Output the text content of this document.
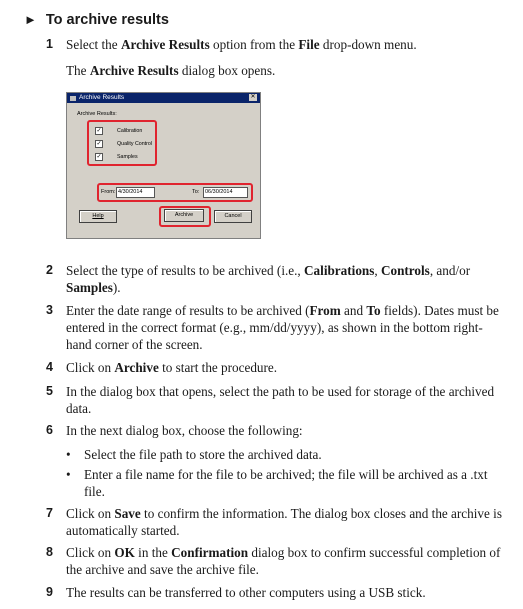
► To archive results
1 Select the Archive Results option from the File drop-down menu.
The Archive Results dialog box opens.
Archive Results	✕
Archive Results:
✓	Calibration
✓	Quality Control
✓	Samples
From: 4/30/2014	To:	06/30/2014
Help	Archive	Cancel
2 Select the type of results to be archived (i.e., Calibrations, Controls, and/or
Samples).
3 Enter the date range of results to be archived (From and To fields). Dates must be
entered in the correct format (e.g., mm/dd/yyyy), as shown in the bottom right-
hand corner of the screen.
4 Click on Archive to start the procedure.
5 In the dialog box that opens, select the path to be used for storage of the archived
data.
6 In the next dialog box, choose the following:
• Select the file path to store the archived data.
• Enter a file name for the file to be archived; the file will be archived as a .txt
file.
7 Click on Save to confirm the information. The dialog box closes and the archive is
automatically started.
8 Click on OK in the Confirmation dialog box to confirm successful completion of
the archive and save the archive file.
9 The results can be transferred to other computers using a USB stick.
